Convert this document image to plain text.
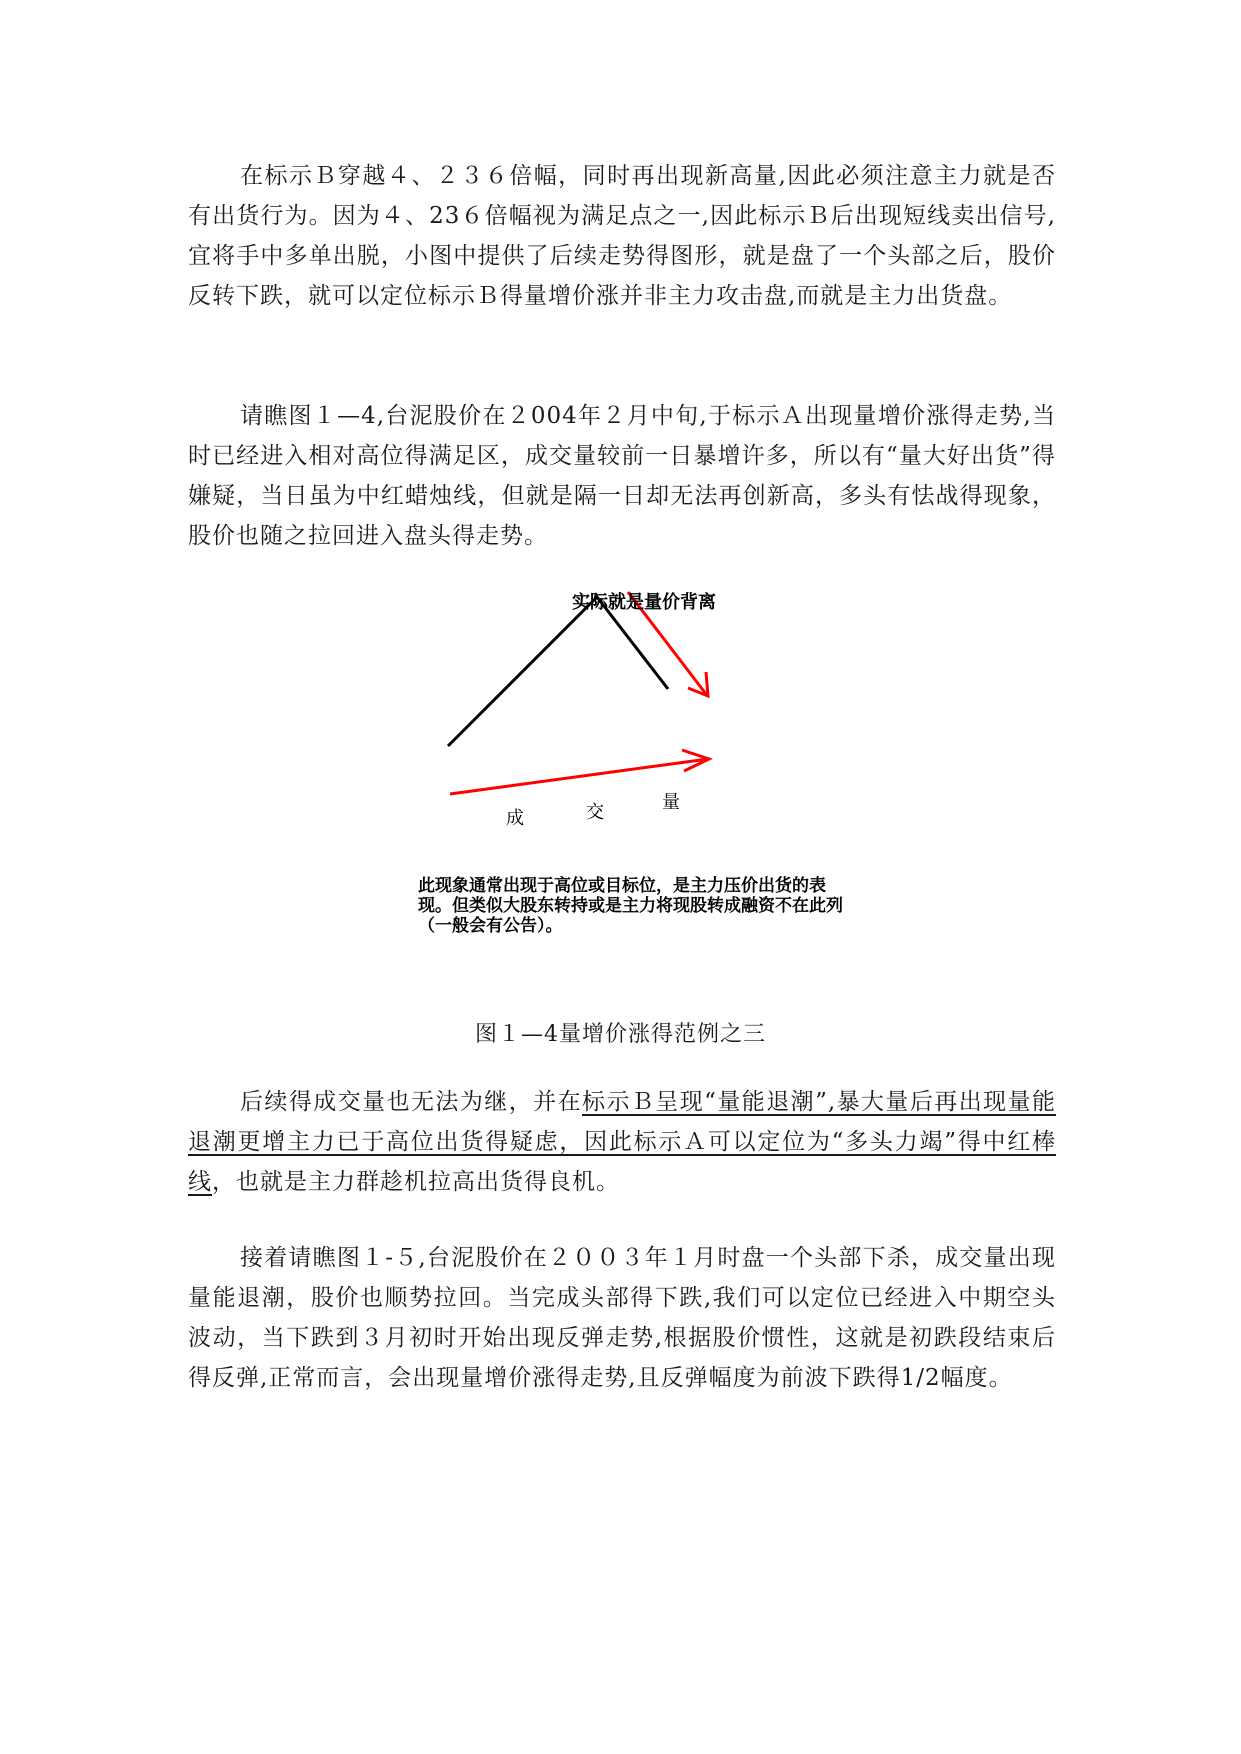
在标示Ｂ穿越４、２３６倍幅，同时再出现新高量,因此必须注意主力就是否有出货行为。因为４、23６倍幅视为满足点之一,因此标示Ｂ后出现短线卖出信号,宜将手中多单出脱，小图中提供了后续走势得图形，就是盘了一个头部之后，股价反转下跌，就可以定位标示Ｂ得量增价涨并非主力攻击盘,而就是主力出货盘。

请瞧图１—4,台泥股价在２004年２月中旬,于标示Ａ出现量增价涨得走势,当时已经进入相对高位得满足区，成交量较前一日暴增许多，所以有“量大好出货”得嫌疑，当日虽为中红蜡烛线，但就是隔一日却无法再创新高，多头有怯战得现象，股价也随之拉回进入盘头得走势。

实际就是量价背离
成	交	量
此现象通常出现于高位或目标位，是主力压价出货的表现。但类似大股东转持或是主力将现股转成融资不在此列（一般会有公告）。
图１—4量增价涨得范例之三

后续得成交量也无法为继，并在标示Ｂ呈现“量能退潮”,暴大量后再出现量能退潮更增主力已于高位出货得疑虑，因此标示Ａ可以定位为“多头力竭”得中红棒线，也就是主力群趁机拉高出货得良机。

接着请瞧图１-５,台泥股价在２００３年１月时盘一个头部下杀，成交量出现量能退潮，股价也顺势拉回。当完成头部得下跌,我们可以定位已经进入中期空头波动，当下跌到３月初时开始出现反弹走势,根据股价惯性，这就是初跌段结束后得反弹,正常而言，会出现量增价涨得走势,且反弹幅度为前波下跌得1/2幅度。
